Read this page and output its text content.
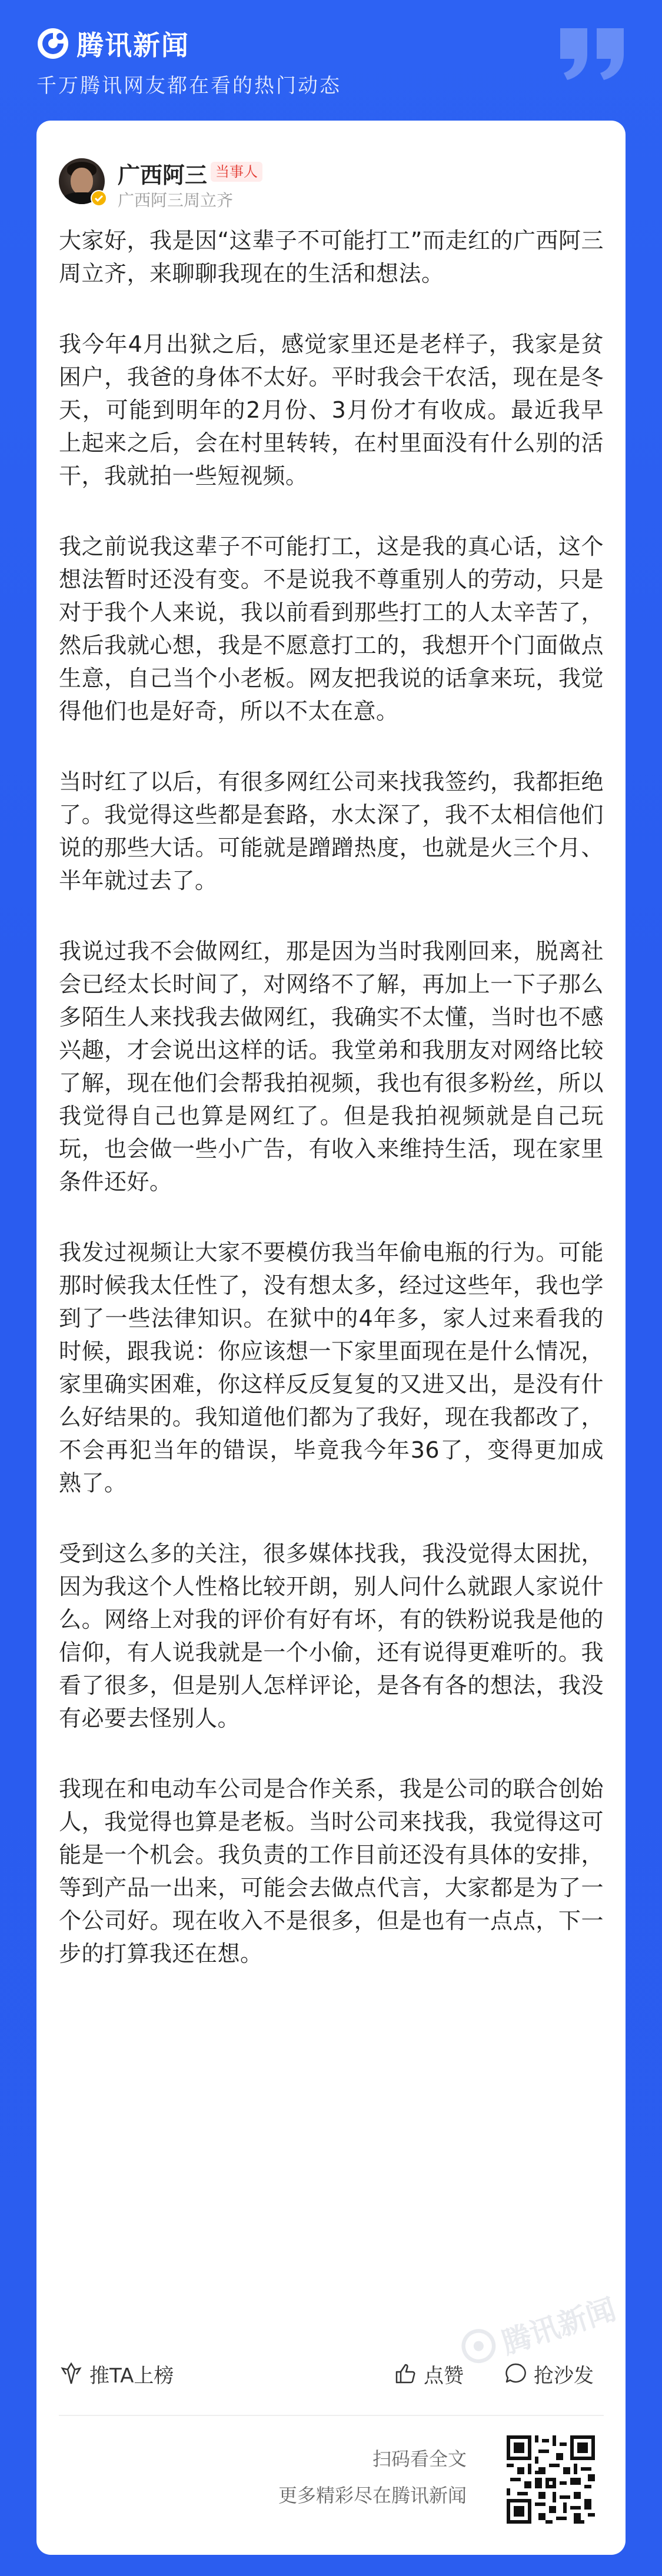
腾讯新闻
千万腾讯网友都在看的热门动态
广西阿三 当事人
广西阿三周立齐

大家好，我是因“这辈子不可能打工”而走红的广西阿三周立齐，来聊聊我现在的生活和想法。

我今年4月出狱之后，感觉家里还是老样子，我家是贫困户，我爸的身体不太好。平时我会干农活，现在是冬天，可能到明年的2月份、3月份才有收成。最近我早上起来之后，会在村里转转，在村里面没有什么别的活干，我就拍一些短视频。

我之前说我这辈子不可能打工，这是我的真心话，这个想法暂时还没有变。不是说我不尊重别人的劳动，只是对于我个人来说，我以前看到那些打工的人太辛苦了，然后我就心想，我是不愿意打工的，我想开个门面做点生意，自己当个小老板。网友把我说的话拿来玩，我觉得他们也是好奇，所以不太在意。

当时红了以后，有很多网红公司来找我签约，我都拒绝了。我觉得这些都是套路，水太深了，我不太相信他们说的那些大话。可能就是蹭蹭热度，也就是火三个月、半年就过去了。

我说过我不会做网红，那是因为当时我刚回来，脱离社会已经太长时间了，对网络不了解，再加上一下子那么多陌生人来找我去做网红，我确实不太懂，当时也不感兴趣，才会说出这样的话。我堂弟和我朋友对网络比较了解，现在他们会帮我拍视频，我也有很多粉丝，所以我觉得自己也算是网红了。但是我拍视频就是自己玩玩，也会做一些小广告，有收入来维持生活，现在家里条件还好。

我发过视频让大家不要模仿我当年偷电瓶的行为。可能那时候我太任性了，没有想太多，经过这些年，我也学到了一些法律知识。在狱中的4年多，家人过来看我的时候，跟我说：你应该想一下家里面现在是什么情况，家里确实困难，你这样反反复复的又进又出，是没有什么好结果的。我知道他们都为了我好，现在我都改了，不会再犯当年的错误，毕竟我今年36了，变得更加成熟了。

受到这么多的关注，很多媒体找我，我没觉得太困扰，因为我这个人性格比较开朗，别人问什么就跟人家说什么。网络上对我的评价有好有坏，有的铁粉说我是他的信仰，有人说我就是一个小偷，还有说得更难听的。我看了很多，但是别人怎样评论，是各有各的想法，我没有必要去怪别人。

我现在和电动车公司是合作关系，我是公司的联合创始人，我觉得也算是老板。当时公司来找我，我觉得这可能是一个机会。我负责的工作目前还没有具体的安排，等到产品一出来，可能会去做点代言，大家都是为了一个公司好。现在收入不是很多，但是也有一点点，下一步的打算我还在想。

腾讯新闻
推TA上榜	点赞	抢沙发
扫码看全文
更多精彩尽在腾讯新闻
